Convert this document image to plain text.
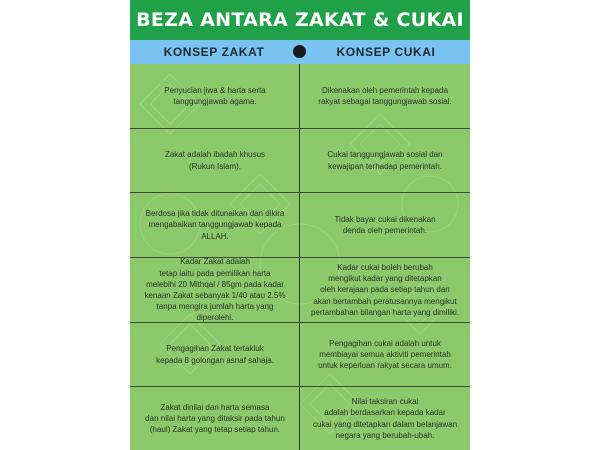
BEZA ANTARA ZAKAT & CUKAI
KONSEP ZAKAT	KONSEP CUKAI
Penyucian jiwa & harta serta
tanggungjawab agama.
Dikenakan oleh pemerintah kepada
rakyat sebagai tanggungjawab sosial.
Zakat adalah ibadah khusus
(Rukun Islam).
Cukai tanggungjawab sosial dan
kewajipan terhadap pemerintah.
Berdosa jika tidak ditunaikan dan dikira
mengabaikan tanggungjawab kepada ALLAH.
Tidak bayar cukai dikenakan
denda oleh pemerintah.
Kadar Zakat adalah
tetap iaitu pada pemilikan harta
melebihi 20 Mithqal / 85gm pada kadar
kenaan Zakat sebanyak 1/40 atau 2.5%
tanpa mengira jumlah harta yang diperolehi.
Kadar cukai boleh berubah
mengikut kadar yang ditetapkan
oleh kerajaan pada setiap tahun dan
akan bertambah peratusannya mengikut
pertambahan bilangan harta yang dimiliki.
Pengagihan Zakat tertakluk
kepada 8 golongan asnaf sahaja.
Pengagihan cukai adalah untuk
membiayai semua aktiviti pemerintah
untuk keperluan rakyat secara umum.
Zakat dinilai dari harta semasa
dan nilai harta yang ditaksir pada tahun
(haul) Zakat yang tetap setiap tahun.
Nilai taksiran cukai
adalah berdasarkan kepada kadar
cukai yang ditetapkan dalam belanjawan
negara yang berubah-ubah.
